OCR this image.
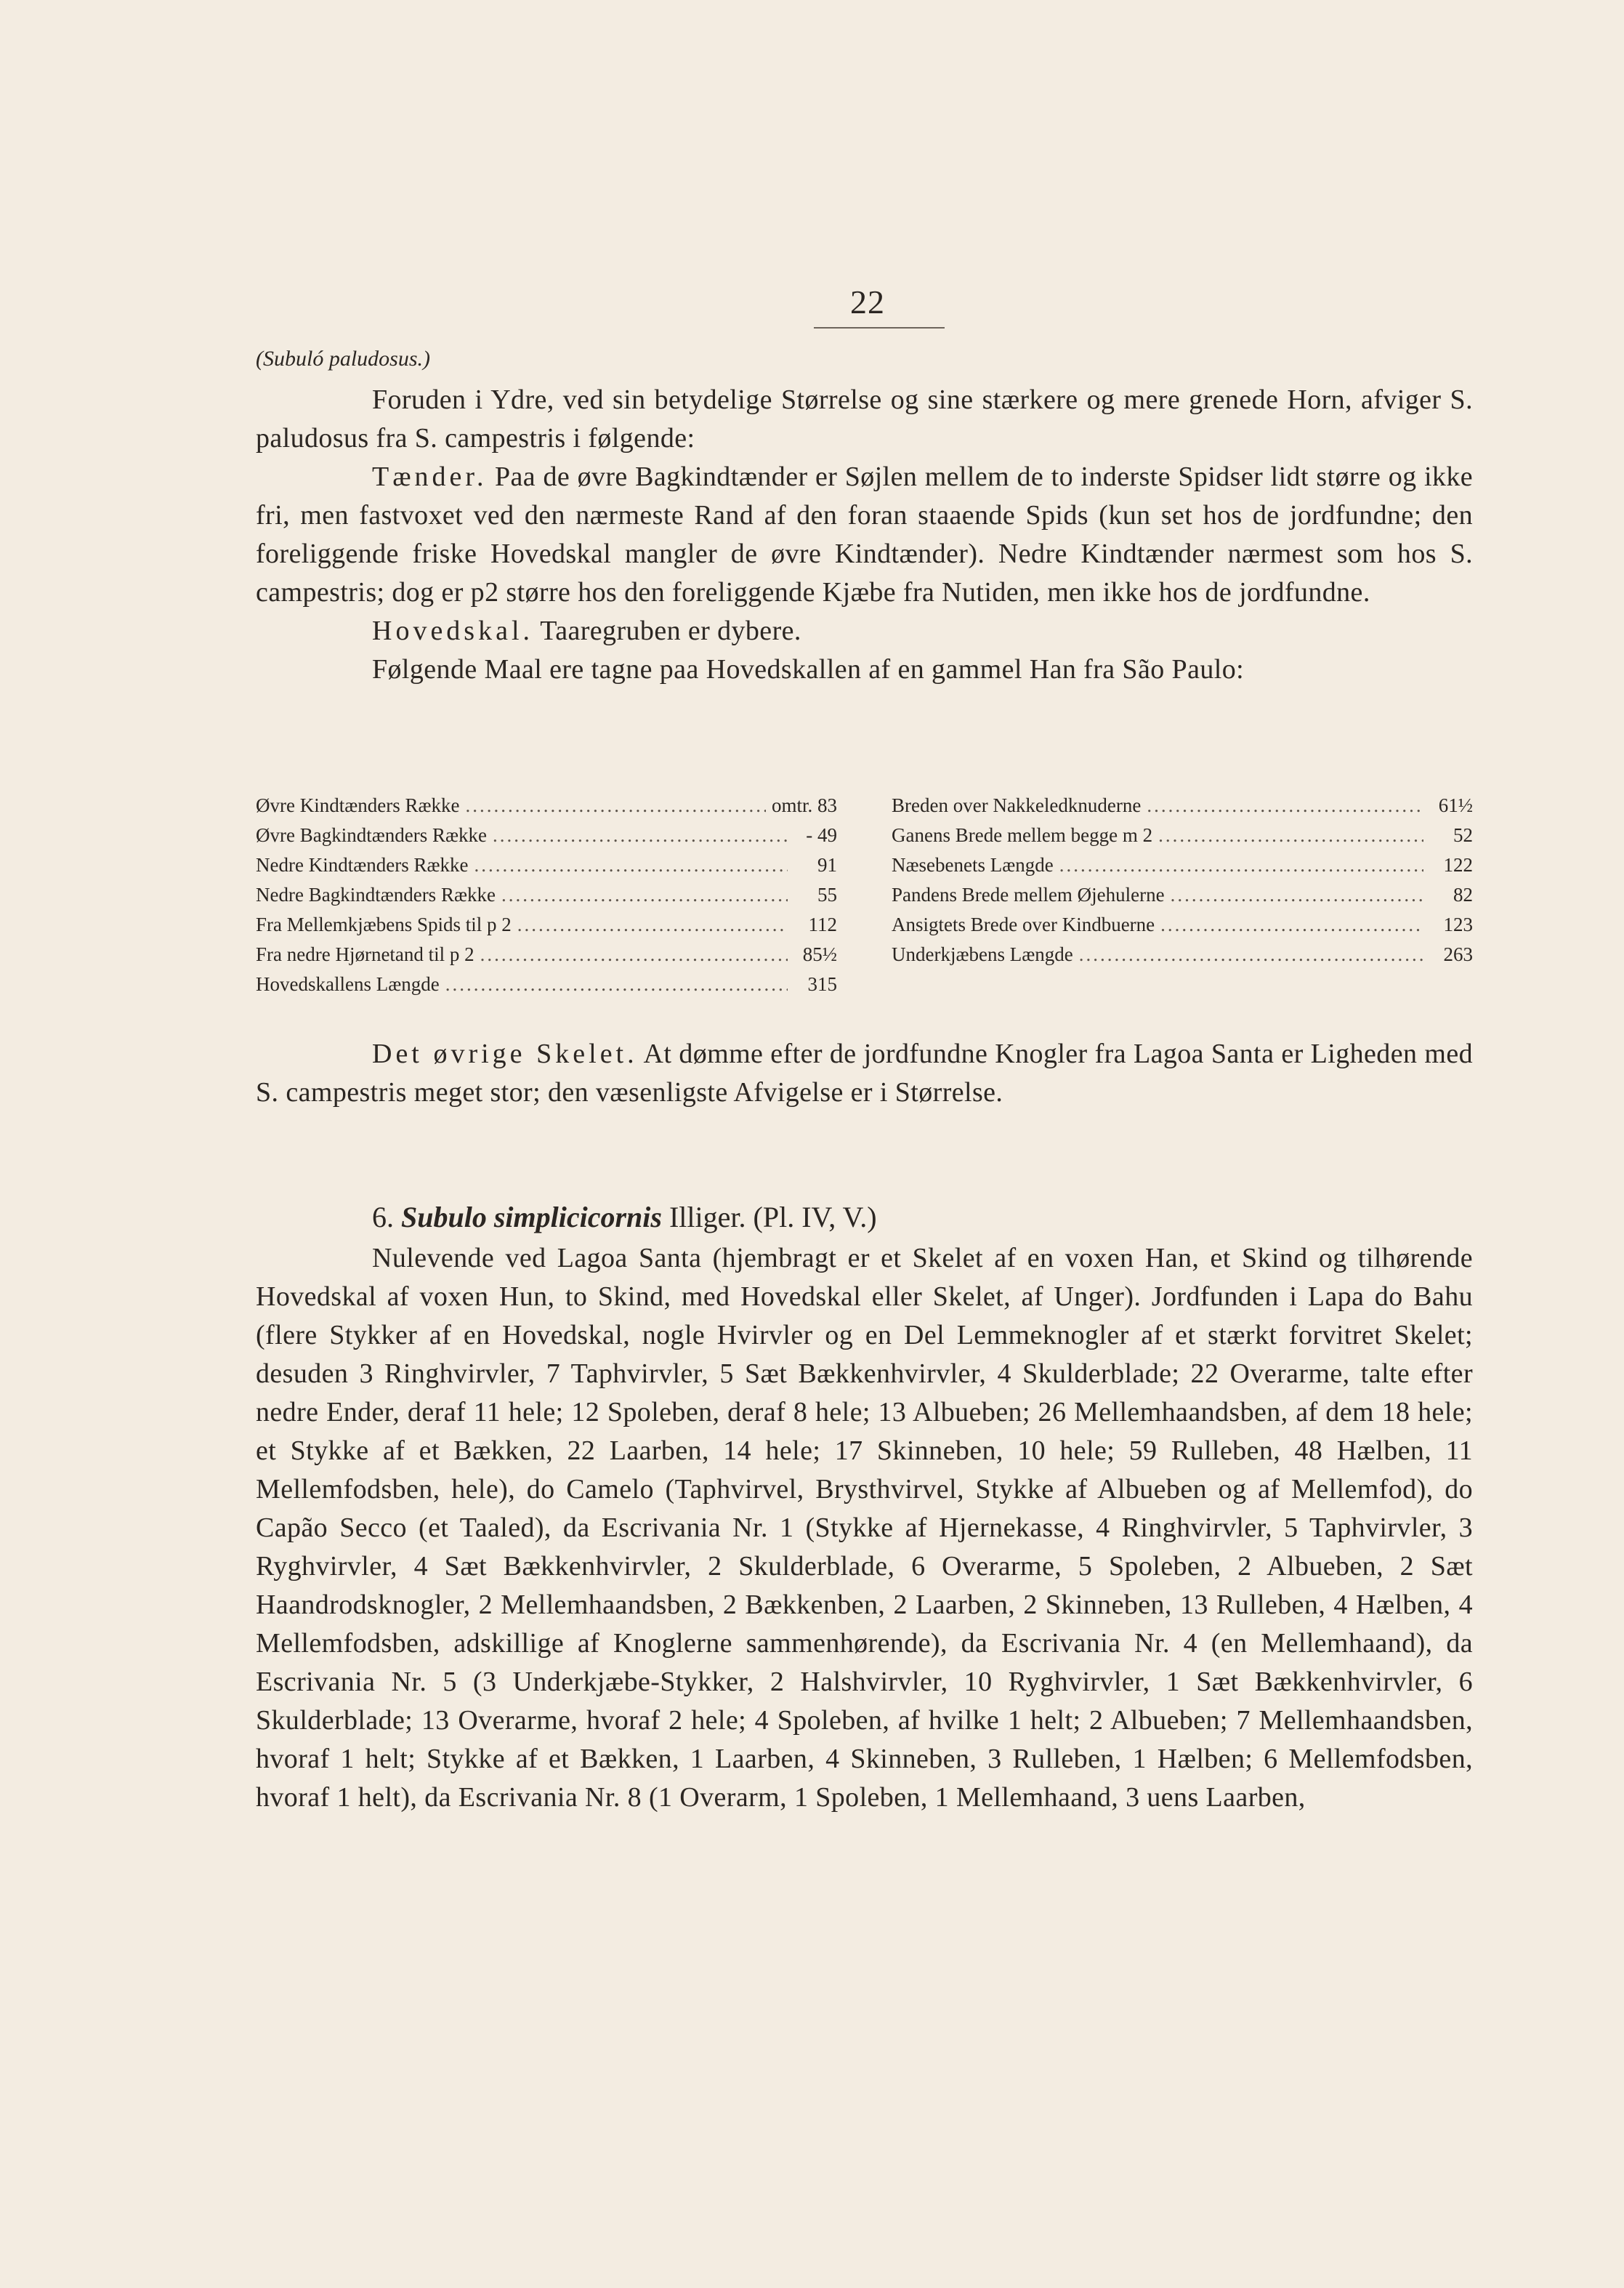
22
(Subuló paludosus.)

Foruden i Ydre, ved sin betydelige Størrelse og sine stærkere og mere grenede Horn, afviger S. paludosus fra S. campestris i følgende:

Tænder. Paa de øvre Bagkindtænder er Søjlen mellem de to inderste Spidser lidt større og ikke fri, men fastvoxet ved den nærmeste Rand af den foran staaende Spids (kun set hos de jordfundne; den foreliggende friske Hovedskal mangler de øvre Kindtænder). Nedre Kindtænder nærmest som hos S. campestris; dog er p2 større hos den foreliggende Kjæbe fra Nutiden, men ikke hos de jordfundne.

Hovedskal. Taaregruben er dybere.

Følgende Maal ere tagne paa Hovedskallen af en gammel Han fra São Paulo:

Øvre Kindtænders Række .....	omtr. 83
Øvre Bagkindtænders Række .....	- 49
Nedre Kindtænders Række .....	91
Nedre Bagkindtænders Række .....	55
Fra Mellemkjæbens Spids til p 2 .....	112
Fra nedre Hjørnetand til p 2 .....	85½
Hovedskallens Længde .....	315
Breden over Nakkeledknuderne .....	61½
Ganens Brede mellem begge m 2 .....	52
Næsebenets Længde .....	122
Pandens Brede mellem Øjehulerne .....	82
Ansigtets Brede over Kindbuerne .....	123
Underkjæbens Længde .....	263

Det øvrige Skelet. At dømme efter de jordfundne Knogler fra Lagoa Santa er Ligheden med S. campestris meget stor; den væsenligste Afvigelse er i Størrelse.

6. Subulo simplicicornis Illiger. (Pl. IV, V.)

Nulevende ved Lagoa Santa (hjembragt er et Skelet af en voxen Han, et Skind og tilhørende Hovedskal af voxen Hun, to Skind, med Hovedskal eller Skelet, af Unger). Jordfunden i Lapa do Bahu (flere Stykker af en Hovedskal, nogle Hvirvler og en Del Lemmeknogler af et stærkt forvitret Skelet; desuden 3 Ringhvirvler, 7 Taphvirvler, 5 Sæt Bækkenhvirvler, 4 Skulderblade; 22 Overarme, talte efter nedre Ender, deraf 11 hele; 12 Spoleben, deraf 8 hele; 13 Albueben; 26 Mellemhaandsben, af dem 18 hele; et Stykke af et Bækken, 22 Laarben, 14 hele; 17 Skinneben, 10 hele; 59 Rulleben, 48 Hælben, 11 Mellemfodsben, hele), do Camelo (Taphvirvel, Brysthvirvel, Stykke af Albueben og af Mellemfod), do Capão Secco (et Taaled), da Escrivania Nr. 1 (Stykke af Hjernekasse, 4 Ringhvirvler, 5 Taphvirvler, 3 Ryghvirvler, 4 Sæt Bækkenhvirvler, 2 Skulderblade, 6 Overarme, 5 Spoleben, 2 Albueben, 2 Sæt Haandrodsknogler, 2 Mellemhaandsben, 2 Bækkenben, 2 Laarben, 2 Skinneben, 13 Rulleben, 4 Hælben, 4 Mellemfodsben, adskillige af Knoglerne sammenhørende), da Escrivania Nr. 4 (en Mellemhaand), da Escrivania Nr. 5 (3 Underkjæbe-Stykker, 2 Halshvirvler, 10 Ryghvirvler, 1 Sæt Bækkenhvirvler, 6 Skulderblade; 13 Overarme, hvoraf 2 hele; 4 Spoleben, af hvilke 1 helt; 2 Albueben; 7 Mellemhaandsben, hvoraf 1 helt; Stykke af et Bækken, 1 Laarben, 4 Skinneben, 3 Rulleben, 1 Hælben; 6 Mellemfodsben, hvoraf 1 helt), da Escrivania Nr. 8 (1 Overarm, 1 Spoleben, 1 Mellemhaand, 3 uens Laarben,
